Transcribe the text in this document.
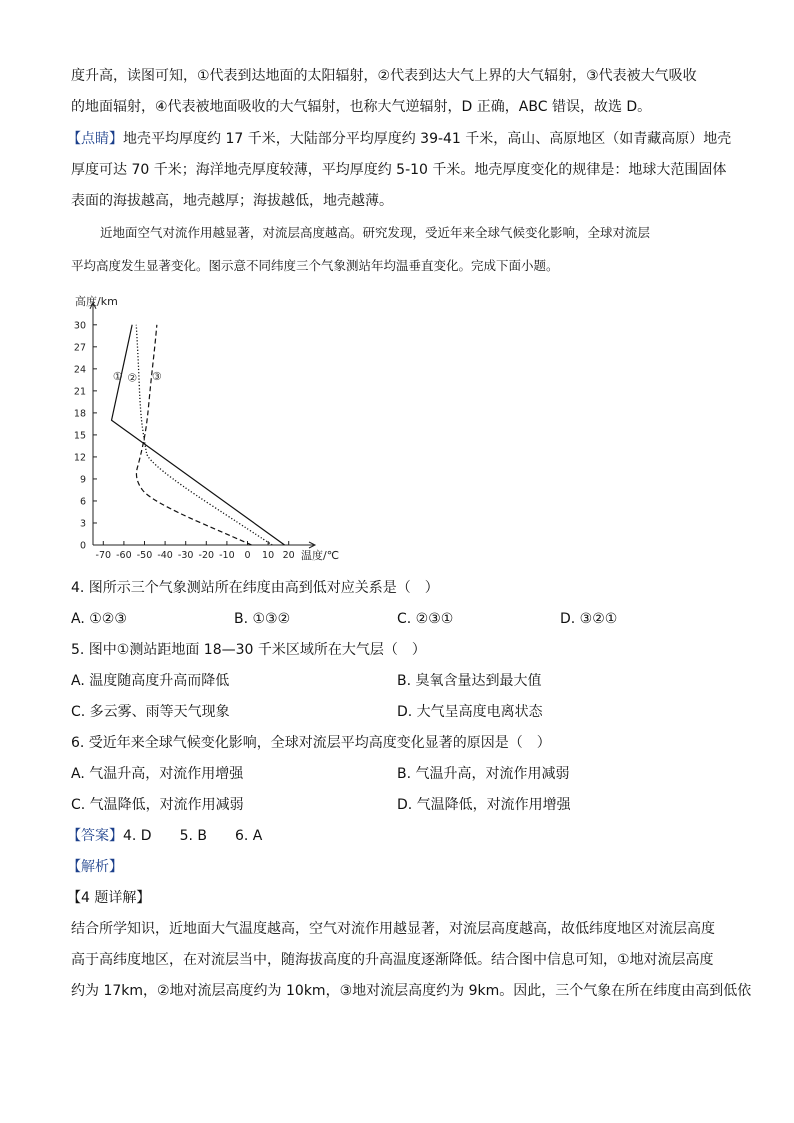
度升高，读图可知，①代表到达地面的太阳辐射，②代表到达大气上界的大气辐射，③代表被大气吸收
的地面辐射，④代表被地面吸收的大气辐射，也称大气逆辐射，D 正确，ABC 错误，故选 D。
【点睛】地壳平均厚度约 17 千米，大陆部分平均厚度约 39-41 千米，高山、高原地区（如青藏高原）地壳
厚度可达 70 千米；海洋地壳厚度较薄，平均厚度约 5-10 千米。地壳厚度变化的规律是：地球大范围固体
表面的海拔越高，地壳越厚；海拔越低，地壳越薄。
近地面空气对流作用越显著，对流层高度越高。研究发现，受近年来全球气候变化影响，全球对流层
平均高度发生显著变化。图示意不同纬度三个气象测站年均温垂直变化。完成下面小题。
0
3
6
9
12
15
18
21
24
27
30
-70 -60 -50 -40 -30 -20 -10 0 10 20
高度/km
温度/℃
① ② ③
4. 图所示三个气象测站所在纬度由高到低对应关系是（　）
A. ①②③	B. ①③②	C. ②③①	D. ③②①
5. 图中①测站距地面 18—30 千米区域所在大气层（　）
A. 温度随高度升高而降低	B. 臭氧含量达到最大值
C. 多云雾、雨等天气现象	D. 大气呈高度电离状态
6. 受近年来全球气候变化影响，全球对流层平均高度变化显著的原因是（　）
A. 气温升高，对流作用增强	B. 气温升高，对流作用减弱
C. 气温降低，对流作用减弱	D. 气温降低，对流作用增强
【答案】4. D　　5. B　　6. A
【解析】
【4 题详解】
结合所学知识，近地面大气温度越高，空气对流作用越显著，对流层高度越高，故低纬度地区对流层高度
高于高纬度地区，在对流层当中，随海拔高度的升高温度逐渐降低。结合图中信息可知，①地对流层高度
约为 17km，②地对流层高度约为 10km，③地对流层高度约为 9km。因此，三个气象在所在纬度由高到低依
